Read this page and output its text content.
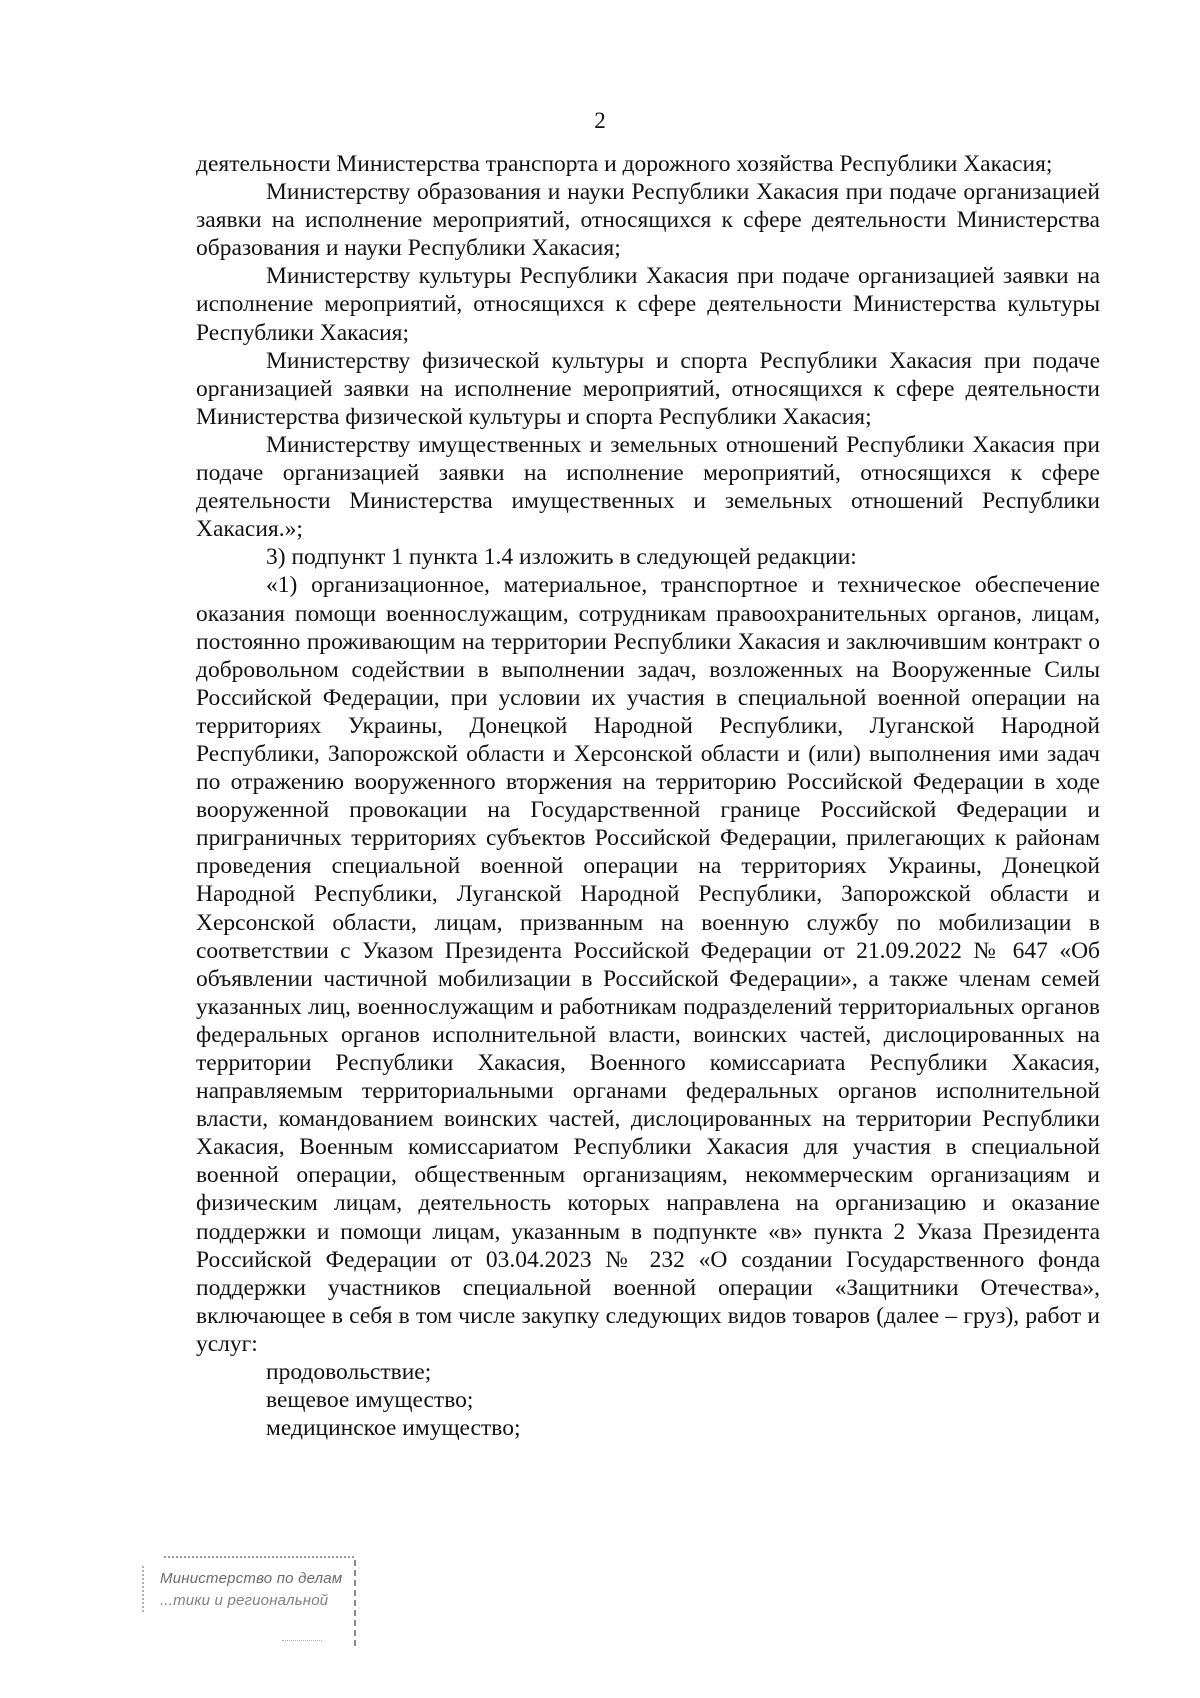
2

деятельности Министерства транспорта и дорожного хозяйства Республики Хакасия;

Министерству образования и науки Республики Хакасия при подаче организацией заявки на исполнение мероприятий, относящихся к сфере деятельности Министерства образования и науки Республики Хакасия;

Министерству культуры Республики Хакасия при подаче организацией заявки на исполнение мероприятий, относящихся к сфере деятельности Министерства культуры Республики Хакасия;

Министерству физической культуры и спорта Республики Хакасия при подаче организацией заявки на исполнение мероприятий, относящихся к сфере деятельности Министерства физической культуры и спорта Республики Хакасия;

Министерству имущественных и земельных отношений Республики Хакасия при подаче организацией заявки на исполнение мероприятий, относящихся к сфере деятельности Министерства имущественных и земельных отношений Республики Хакасия.»;

3) подпункт 1 пункта 1.4 изложить в следующей редакции:

«1) организационное, материальное, транспортное и техническое обеспечение оказания помощи военнослужащим, сотрудникам правоохранительных органов, лицам, постоянно проживающим на территории Республики Хакасия и заключившим контракт о добровольном содействии в выполнении задач, возложенных на Вооруженные Силы Российской Федерации, при условии их участия в специальной военной операции на территориях Украины, Донецкой Народной Республики, Луганской Народной Республики, Запорожской области и Херсонской области и (или) выполнения ими задач по отражению вооруженного вторжения на территорию Российской Федерации в ходе вооруженной провокации на Государственной границе Российской Федерации и приграничных территориях субъектов Российской Федерации, прилегающих к районам проведения специальной военной операции на территориях Украины, Донецкой Народной Республики, Луганской Народной Республики, Запорожской области и Херсонской области, лицам, призванным на военную службу по мобилизации в соответствии с Указом Президента Российской Федерации от 21.09.2022 № 647 «Об объявлении частичной мобилизации в Российской Федерации», а также членам семей указанных лиц, военнослужащим и работникам подразделений территориальных органов федеральных органов исполнительной власти, воинских частей, дислоцированных на территории Республики Хакасия, Военного комиссариата Республики Хакасия, направляемым территориальными органами федеральных органов исполнительной власти, командованием воинских частей, дислоцированных на территории Республики Хакасия, Военным комиссариатом Республики Хакасия для участия в специальной военной операции, общественным организациям, некоммерческим организациям и физическим лицам, деятельность которых направлена на организацию и оказание поддержки и помощи лицам, указанным в подпункте «в» пункта 2 Указа Президента Российской Федерации от 03.04.2023 № 232 «О создании Государственного фонда поддержки участников специальной военной операции «Защитники Отечества», включающее в себя в том числе закупку следующих видов товаров (далее – груз), работ и услуг:

продовольствие;

вещевое имущество;

медицинское имущество;

Министерство по делам
...тики и региональной
